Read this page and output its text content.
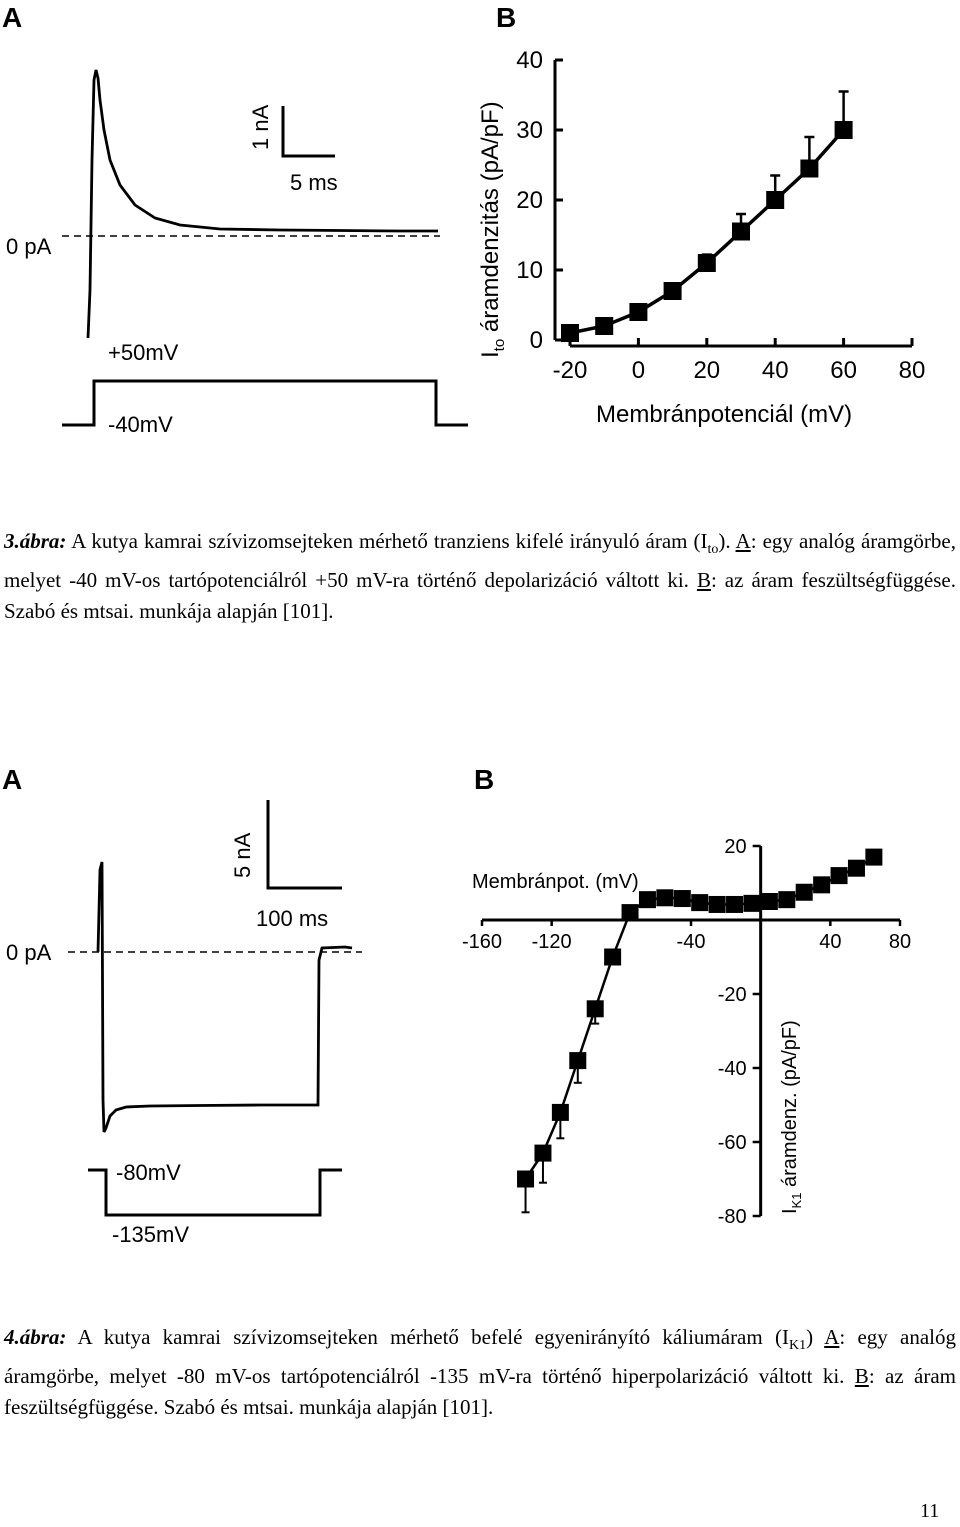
A	B
0 pA
1 nA
5 ms
+50mV
-40mV
0
10
20
30
40
-20 0 20 40 60 80
$I_{to}$ áramdenzitás (pA/pF)
Membránpotenciál (mV)
3.ábra: A kutya kamrai szívizomsejteken mérhető tranziens kifelé irányuló áram $(I_{to})$. A: egy analóg áramgörbe, melyet -40 mV-os tartópotenciálról +50 mV-ra történő depolarizáció váltott ki. B: az áram feszültségfüggése. Szabó és mtsai. munkája alapján [101].
A	B
0 pA
5 nA
100 ms
-80mV
-135mV
-160 -120	-40	40 80
20
-20
-40
-60
-80
Membránpot. (mV)
$I_{K1}$ áramdenz. (pA/pF)
4.ábra: A kutya kamrai szívizomsejteken mérhető befelé egyenirányító káliumáram $(I_{K1})$ A: egy analóg áramgörbe, melyet -80 mV-os tartópotenciálról -135 mV-ra történő hiperpolarizáció váltott ki. B: az áram feszültségfüggése. Szabó és mtsai. munkája alapján [101].
11
